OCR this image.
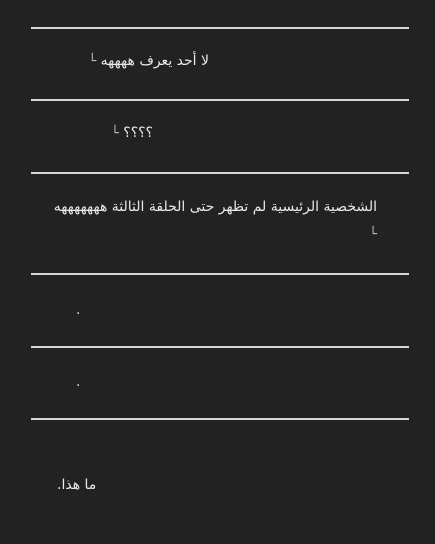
لا أحد يعرف ههههه └
؟؟؟؟ └
الشخصية الرئيسية لم تظهر حتى الحلقة الثالثة هههههههه └
.
.
ما هذا.
